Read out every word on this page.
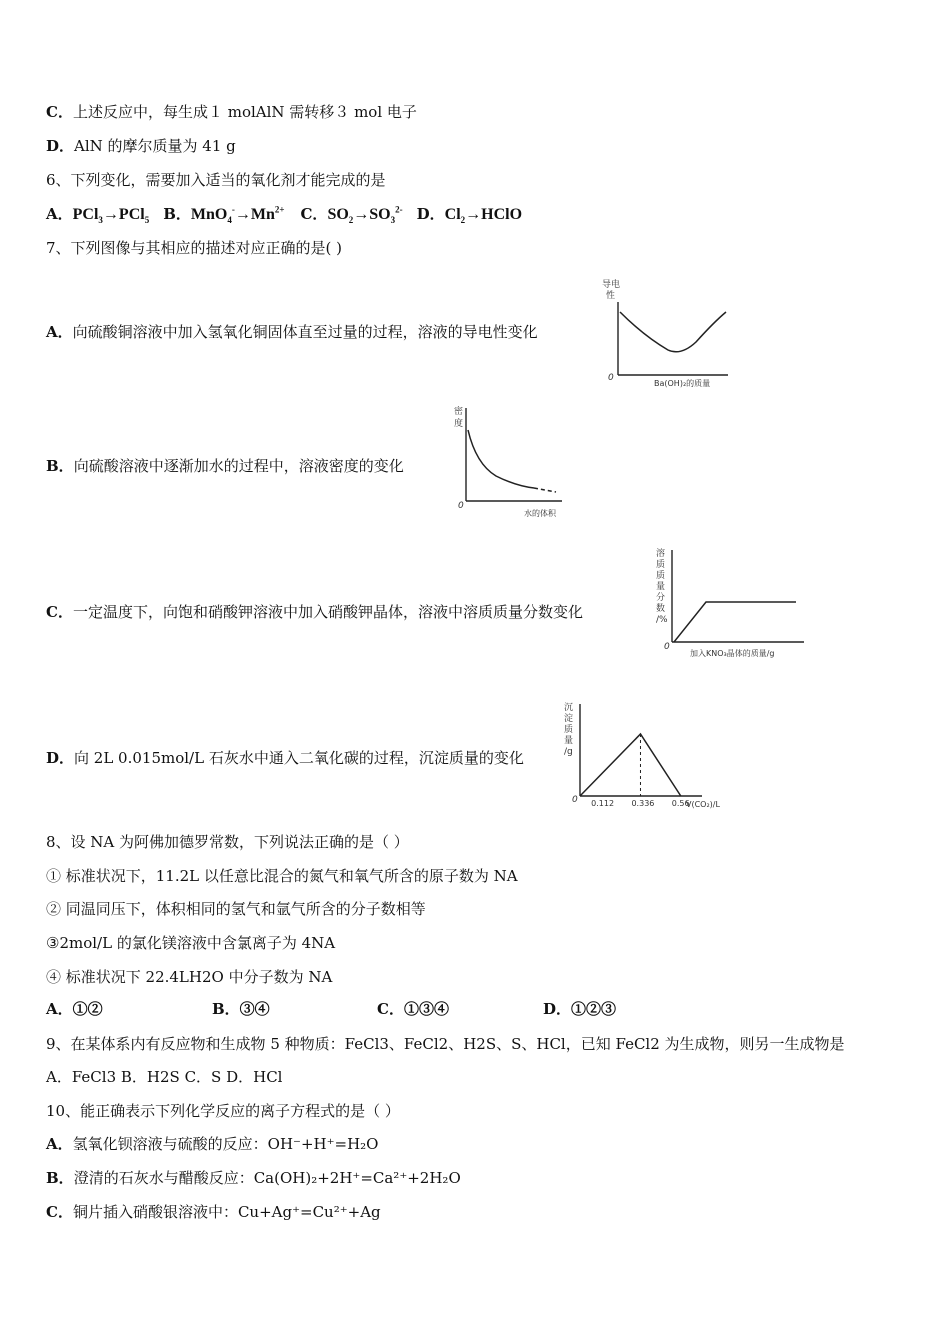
C．上述反应中，每生成１ molAlN 需转移３ mol 电子
D．AlN 的摩尔质量为 41 g
6、下列变化，需要加入适当的氧化剂才能完成的是
A．PCl$_3$→PCl$_5$ B．$MnO_4^-\to Mn^{2+}$ C．$SO_2\to SO_3^{2-}$ D．$Cl_2\to HClO$
7、下列图像与其相应的描述对应正确的是( )
A．向硫酸铜溶液中加入氢氧化铜固体直至过量的过程，溶液的导电性变化
导电
性
0
Ba(OH)₂的质量
B．向硫酸溶液中逐渐加水的过程中，溶液密度的变化
密
度
0
水的体积
C．一定温度下，向饱和硝酸钾溶液中加入硝酸钾晶体，溶液中溶质质量分数变化
溶
质
质
量
分
数
/%
0
加入KNO₃晶体的质量/g
D．向 2L 0.015mol/L 石灰水中通入二氧化碳的过程，沉淀质量的变化
沉
淀
质
量
/g
0 0.112 0.336 0.56
V(CO₂)/L
8、设 NA 为阿佛加德罗常数，下列说法正确的是（ ）
① 标准状况下，11.2L 以任意比混合的氮气和氧气所含的原子数为 NA
② 同温同压下，体积相同的氢气和氩气所含的分子数相等
③2mol/L 的氯化镁溶液中含氯离子为 4NA
④ 标准状况下 22.4LH2O 中分子数为 NA
A．①②	B．③④	C．①③④	D．①②③
9、在某体系内有反应物和生成物 5 种物质：FeCl3、FeCl2、H2S、S、HCl，已知 FeCl2 为生成物，则另一生成物是
A．FeCl3 B．H2S C．S D．HCl
10、能正确表示下列化学反应的离子方程式的是（ ）
A．氢氧化钡溶液与硫酸的反应：OH⁻+H⁺=H₂O
B．澄清的石灰水与醋酸反应：Ca(OH)₂+2H⁺=Ca²⁺+2H₂O
C．铜片插入硝酸银溶液中：Cu+Ag⁺=Cu²⁺+Ag
